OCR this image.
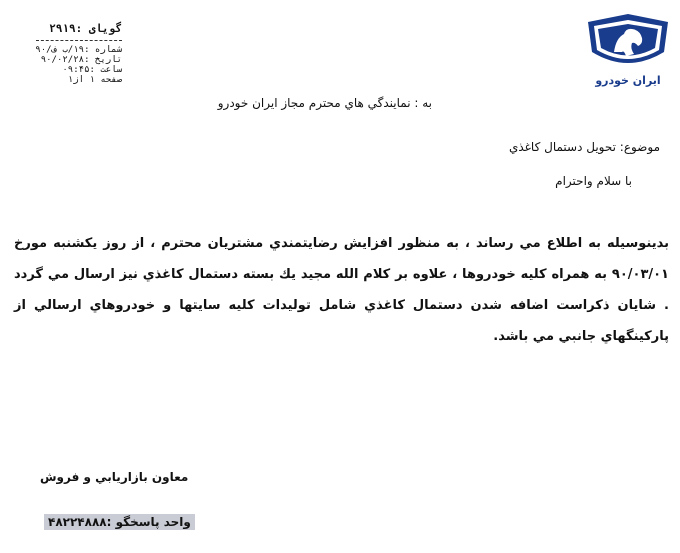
ایران خودرو
گویای :۲۹۱۹
شماره :۱۹/ب ف/۹۰
تاریخ :۹۰/۰۲/۲۸
ساعت :۰۹:۴۵
صفحه ۱ از۱
به : نمايندگي هاي محترم مجاز ايران خودرو
موضوع: تحويل دستمال كاغذي
با سلام واحترام
بدينوسيله به اطلاع مي رساند ، به منظور افزايش رضايتمندي مشتريان محترم ، از روز يكشنبه مورخ ۹۰/۰۳/۰۱ به همراه كليه خودروها ، علاوه بر كلام الله مجيد يك بسته دستمال كاغذي نيز ارسال مي گردد . شايان ذكراست اضافه شدن دستمال كاغذي شامل توليدات كليه سايتها و خودروهاي ارسالي از پاركينگهاي جانبي مي باشد.
معاون بازاريابي و فروش
واحد پاسخگو :۴۸۲۲۴۸۸۸
